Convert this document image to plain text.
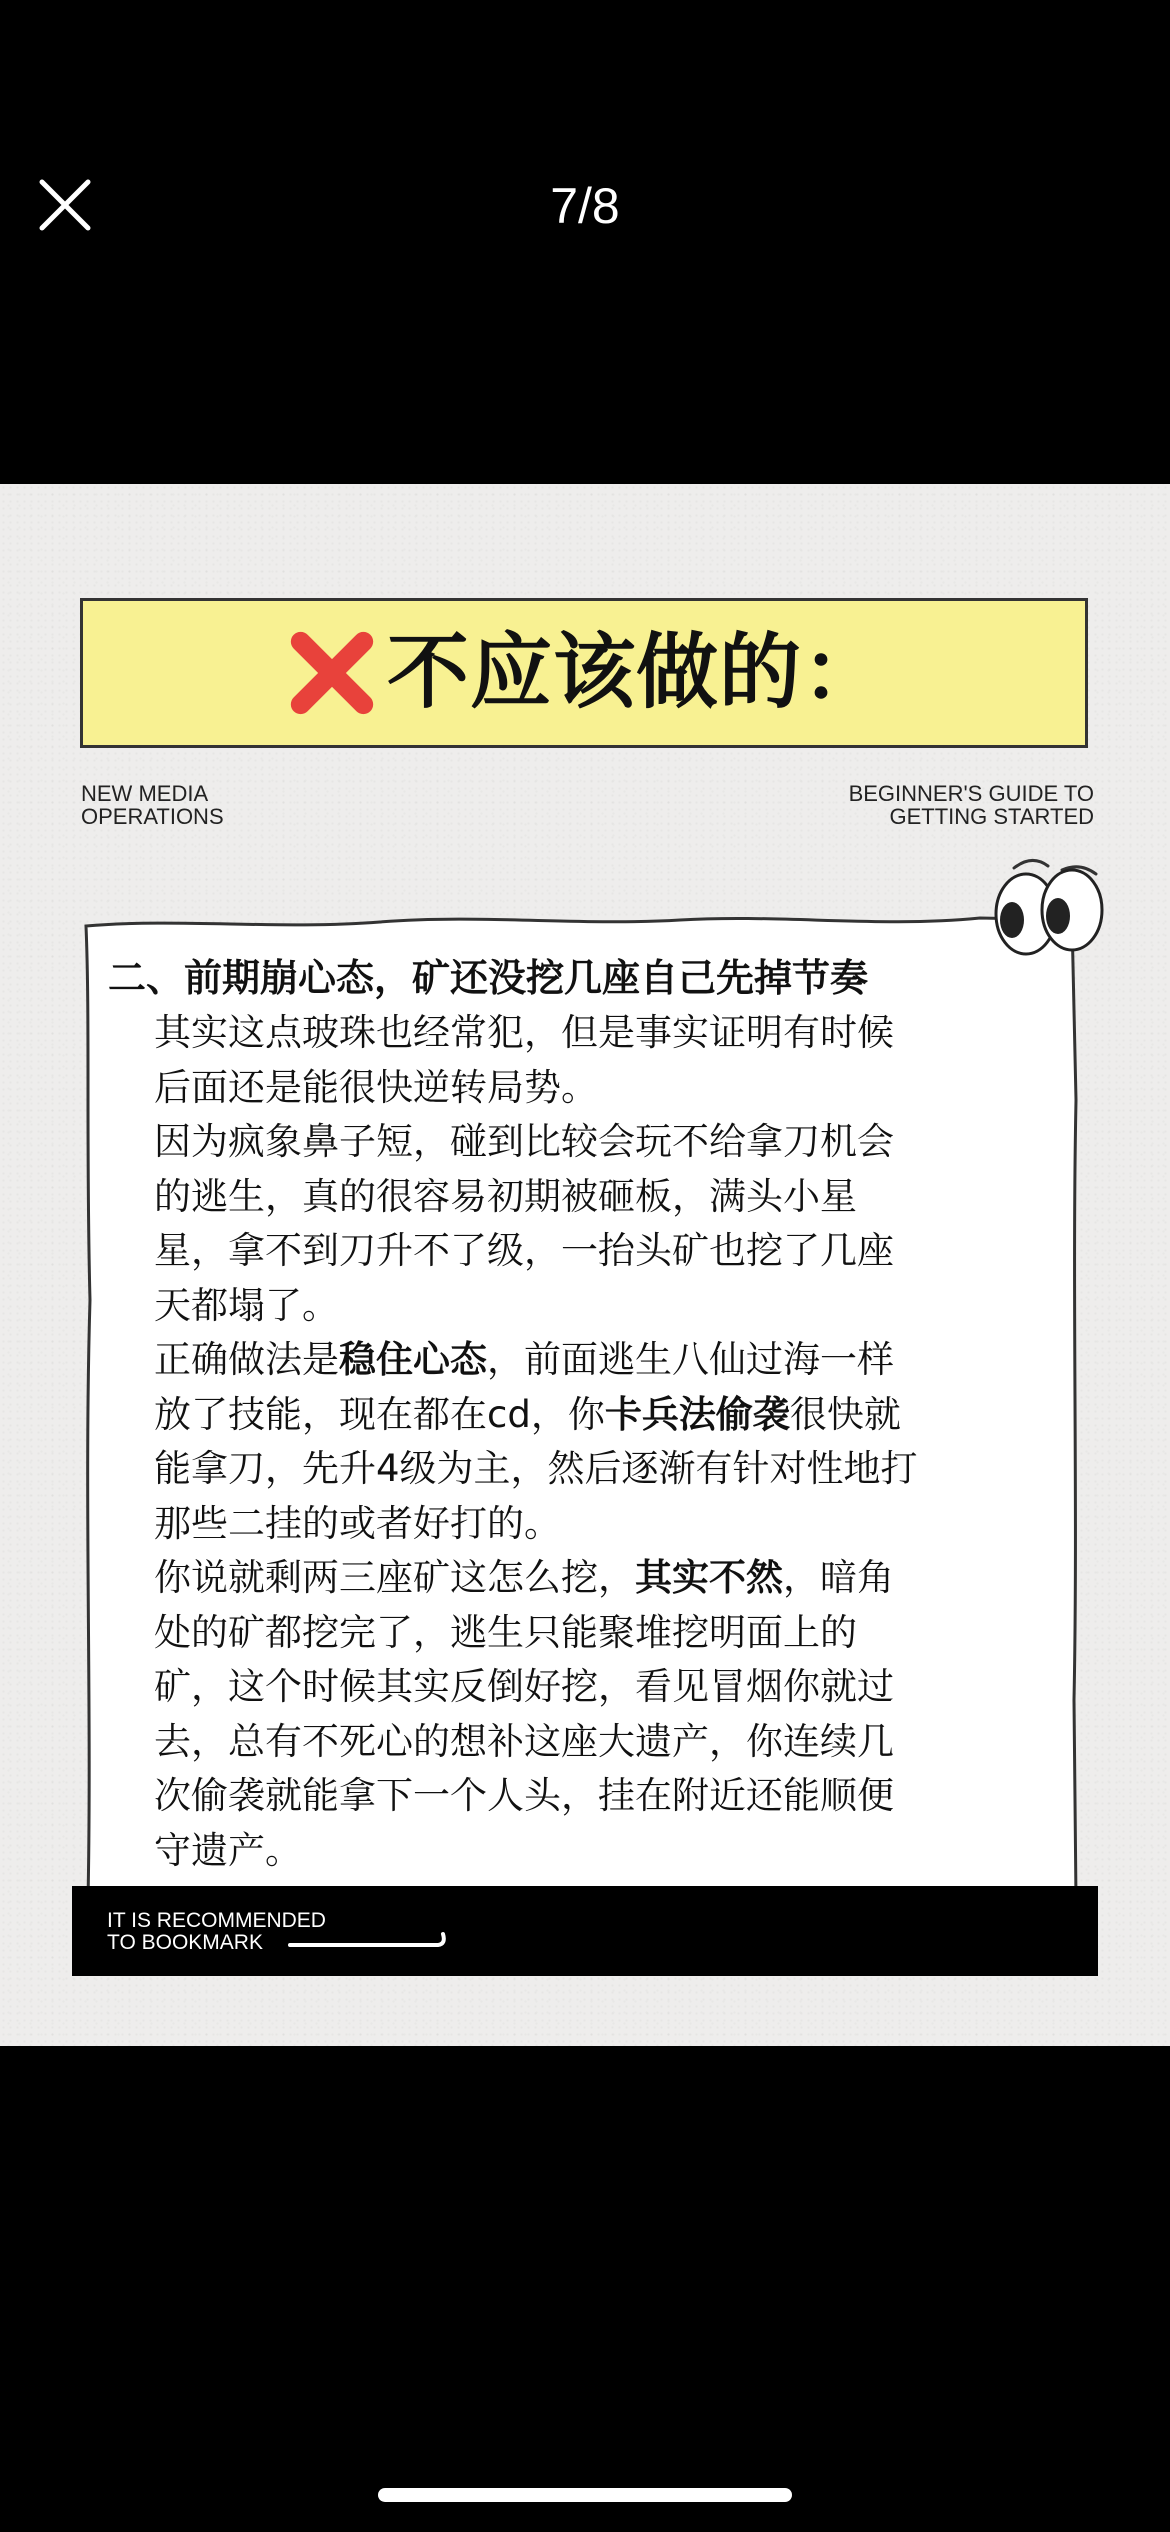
7/8
不应该做的：
NEW MEDIA
OPERATIONS
BEGINNER'S GUIDE TO
GETTING STARTED
二、前期崩心态，矿还没挖几座自己先掉节奏
其实这点玻珠也经常犯，但是事实证明有时候
后面还是能很快逆转局势。
因为疯象鼻子短，碰到比较会玩不给拿刀机会
的逃生，真的很容易初期被砸板，满头小星
星，拿不到刀升不了级，一抬头矿也挖了几座
天都塌了。
正确做法是稳住心态，前面逃生八仙过海一样
放了技能，现在都在cd，你卡兵法偷袭很快就
能拿刀，先升4级为主，然后逐渐有针对性地打
那些二挂的或者好打的。
你说就剩两三座矿这怎么挖，其实不然，暗角
处的矿都挖完了，逃生只能聚堆挖明面上的
矿，这个时候其实反倒好挖，看见冒烟你就过
去，总有不死心的想补这座大遗产，你连续几
次偷袭就能拿下一个人头，挂在附近还能顺便
守遗产。
IT IS RECOMMENDED
TO BOOKMARK
